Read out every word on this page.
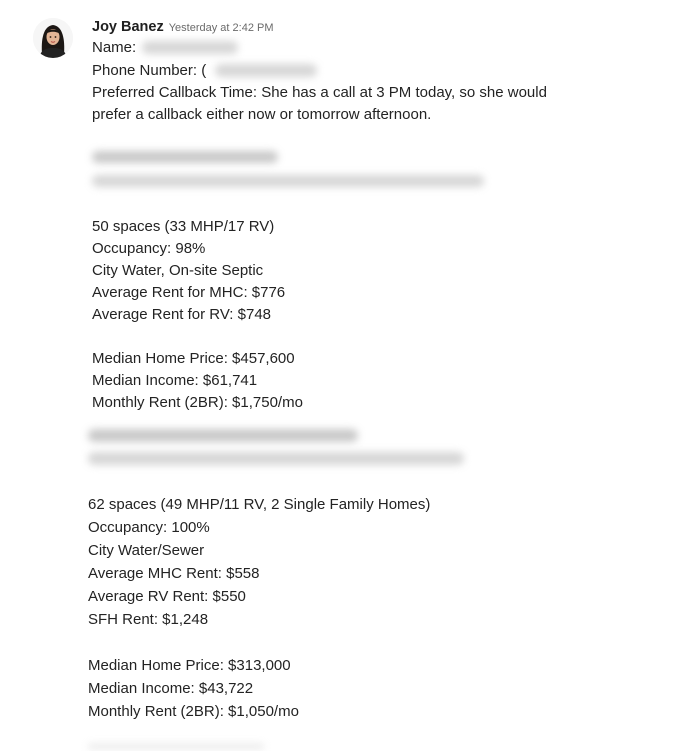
Joy Banez Yesterday at 2:42 PM
Name:
Phone Number: (
Preferred Callback Time: She has a call at 3 PM today, so she would
prefer a callback either now or tomorrow afternoon.
50 spaces (33 MHP/17 RV)
Occupancy: 98%
City Water, On-site Septic
Average Rent for MHC: $776
Average Rent for RV: $748
Median Home Price: $457,600
Median Income: $61,741
Monthly Rent (2BR): $1,750/mo
62 spaces (49 MHP/11 RV, 2 Single Family Homes)
Occupancy: 100%
City Water/Sewer
Average MHC Rent: $558
Average RV Rent: $550
SFH Rent: $1,248
Median Home Price: $313,000
Median Income: $43,722
Monthly Rent (2BR): $1,050/mo
